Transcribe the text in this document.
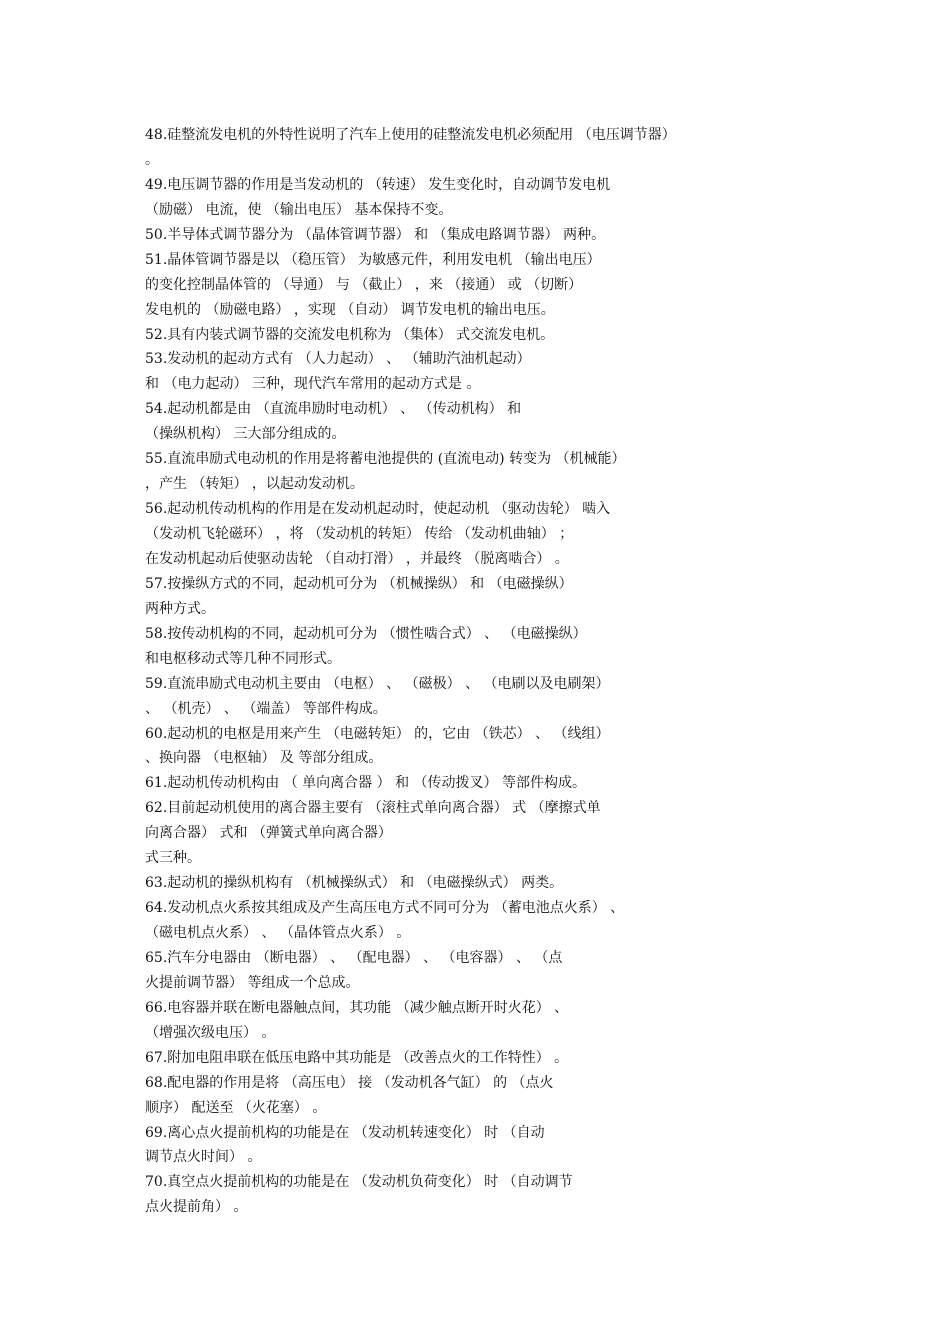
48.硅整流发电机的外特性说明了汽车上使用的硅整流发电机必须配用 （电压调节器）
。
49.电压调节器的作用是当发动机的 （转速） 发生变化时，自动调节发电机
（励磁） 电流，使 （输出电压） 基本保持不变。
50.半导体式调节器分为 （晶体管调节器） 和 （集成电路调节器） 两种。
51.晶体管调节器是以 （稳压管） 为敏感元件，利用发电机 （输出电压）
的变化控制晶体管的 （导通） 与 （截止） ，来 （接通） 或 （切断）
发电机的 （励磁电路） ，实现 （自动） 调节发电机的输出电压。
52.具有内装式调节器的交流发电机称为 （集体） 式交流发电机。
53.发动机的起动方式有 （人力起动） 、 （辅助汽油机起动）
和 （电力起动） 三种，现代汽车常用的起动方式是 。
54.起动机都是由 （直流串励时电动机） 、 （传动机构） 和
（操纵机构） 三大部分组成的。
55.直流串励式电动机的作用是将蓄电池提供的 (直流电动) 转变为 （机械能）
，产生 （转矩） ，以起动发动机。
56.起动机传动机构的作用是在发动机起动时，使起动机 （驱动齿轮） 啮入
（发动机飞轮磁环） ，将 （发动机的转矩） 传给 （发动机曲轴） ；
在发动机起动后使驱动齿轮 （自动打滑） ，并最终 （脱离啮合） 。
57.按操纵方式的不同，起动机可分为 （机械操纵） 和 （电磁操纵）
两种方式。
58.按传动机构的不同，起动机可分为 （惯性啮合式） 、 （电磁操纵）
和电枢移动式等几种不同形式。
59.直流串励式电动机主要由 （电枢） 、 （磁极） 、 （电刷以及电刷架）
、 （机壳） 、 （端盖） 等部件构成。
60.起动机的电枢是用来产生 （电磁转矩） 的，它由 （铁芯） 、 （线组）
、换向器 （电枢轴） 及 等部分组成。
61.起动机传动机构由 （ 单向离合器 ） 和 （传动拨叉） 等部件构成。
62.目前起动机使用的离合器主要有 （滚柱式单向离合器） 式 （摩擦式单
向离合器） 式和 （弹簧式单向离合器）
式三种。
63.起动机的操纵机构有 （机械操纵式） 和 （电磁操纵式） 两类。
64.发动机点火系按其组成及产生高压电方式不同可分为 （蓄电池点火系） 、
（磁电机点火系） 、 （晶体管点火系） 。
65.汽车分电器由 （断电器） 、 （配电器） 、 （电容器） 、 （点
火提前调节器） 等组成一个总成。
66.电容器并联在断电器触点间，其功能 （减少触点断开时火花） 、
（增强次级电压） 。
67.附加电阻串联在低压电路中其功能是 （改善点火的工作特性） 。
68.配电器的作用是将 （高压电） 接 （发动机各气缸） 的 （点火
顺序） 配送至 （火花塞） 。
69.离心点火提前机构的功能是在 （发动机转速变化） 时 （自动
调节点火时间） 。
70.真空点火提前机构的功能是在 （发动机负荷变化） 时 （自动调节
点火提前角） 。
